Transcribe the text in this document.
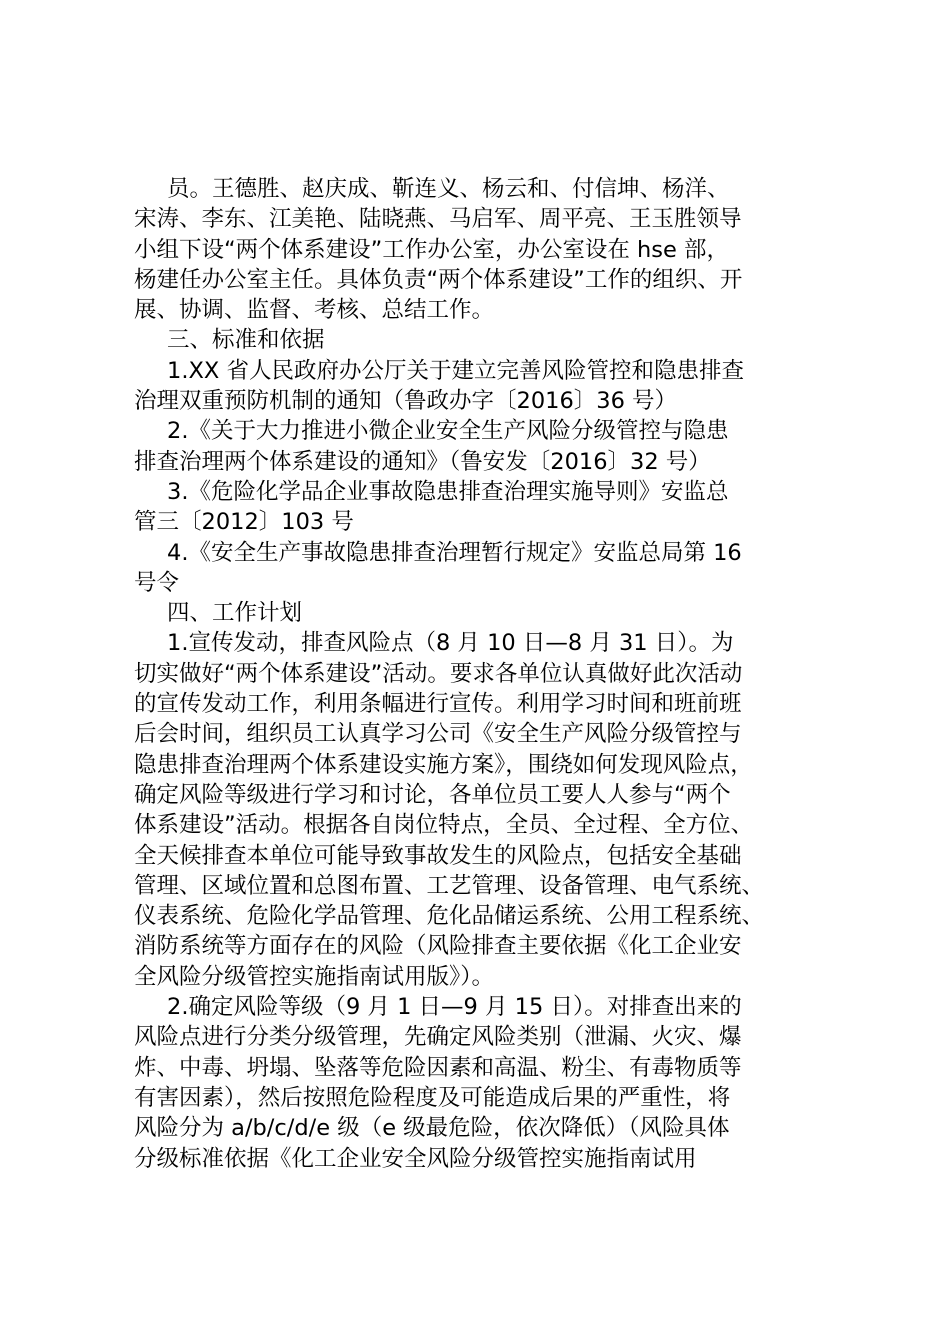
员。王德胜、赵庆成、靳连义、杨云和、付信坤、杨洋、
宋涛、李东、江美艳、陆晓燕、马启军、周平亮、王玉胜领导
小组下设“两个体系建设”工作办公室，办公室设在 hse 部，
杨建任办公室主任。具体负责“两个体系建设”工作的组织、开
展、协调、监督、考核、总结工作。
三、标准和依据
1.XX 省人民政府办公厅关于建立完善风险管控和隐患排查
治理双重预防机制的通知（鲁政办字〔2016〕36 号）
2.《关于大力推进小微企业安全生产风险分级管控与隐患
排查治理两个体系建设的通知》（鲁安发〔2016〕32 号）
3.《危险化学品企业事故隐患排查治理实施导则》安监总
管三〔2012〕103 号
4.《安全生产事故隐患排查治理暂行规定》安监总局第 16
号令
四、工作计划
1.宣传发动，排查风险点（8 月 10 日—8 月 31 日）。为
切实做好“两个体系建设”活动。要求各单位认真做好此次活动
的宣传发动工作，利用条幅进行宣传。利用学习时间和班前班
后会时间，组织员工认真学习公司《安全生产风险分级管控与
隐患排查治理两个体系建设实施方案》，围绕如何发现风险点，
确定风险等级进行学习和讨论，各单位员工要人人参与“两个
体系建设”活动。根据各自岗位特点，全员、全过程、全方位、
全天候排查本单位可能导致事故发生的风险点，包括安全基础
管理、区域位置和总图布置、工艺管理、设备管理、电气系统、
仪表系统、危险化学品管理、危化品储运系统、公用工程系统、
消防系统等方面存在的风险（风险排查主要依据《化工企业安
全风险分级管控实施指南试用版》）。
2.确定风险等级（9 月 1 日—9 月 15 日）。对排查出来的
风险点进行分类分级管理，先确定风险类别（泄漏、火灾、爆
炸、中毒、坍塌、坠落等危险因素和高温、粉尘、有毒物质等
有害因素），然后按照危险程度及可能造成后果的严重性，将
风险分为 a/b/c/d/e 级（e 级最危险，依次降低）（风险具体
分级标准依据《化工企业安全风险分级管控实施指南试用
